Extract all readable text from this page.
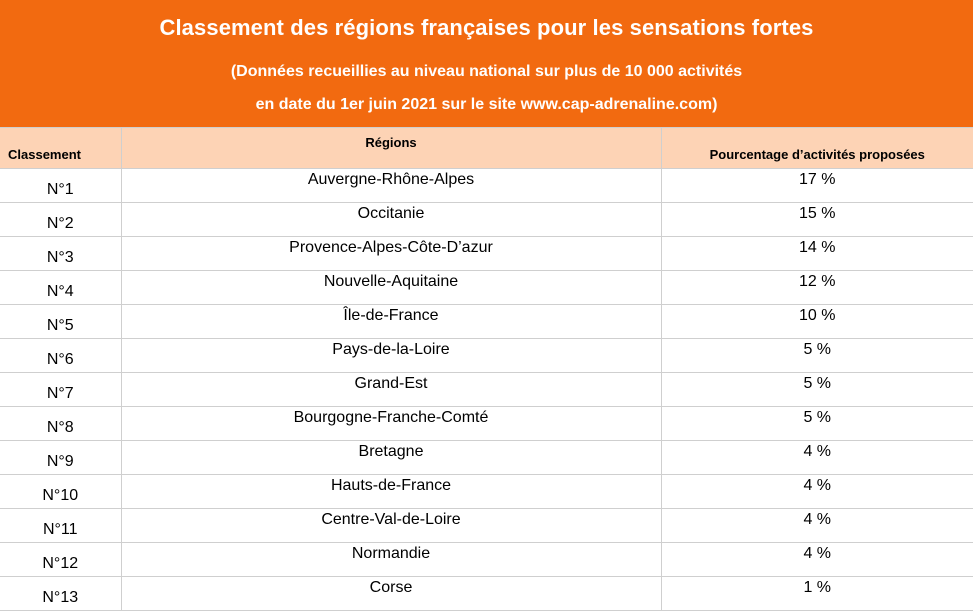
Classement des régions françaises pour les sensations fortes
(Données recueillies au niveau national sur plus de 10 000 activités
en date du 1er juin 2021 sur le site www.cap-adrenaline.com)
Classement	Régions	Pourcentage d’activités proposées
N°1	Auvergne-Rhône-Alpes	17 %
N°2	Occitanie	15 %
N°3	Provence-Alpes-Côte-D’azur	14 %
N°4	Nouvelle-Aquitaine	12 %
N°5	Île-de-France	10 %
N°6	Pays-de-la-Loire	5 %
N°7	Grand-Est	5 %
N°8	Bourgogne-Franche-Comté	5 %
N°9	Bretagne	4 %
N°10	Hauts-de-France	4 %
N°11	Centre-Val-de-Loire	4 %
N°12	Normandie	4 %
N°13	Corse	1 %
